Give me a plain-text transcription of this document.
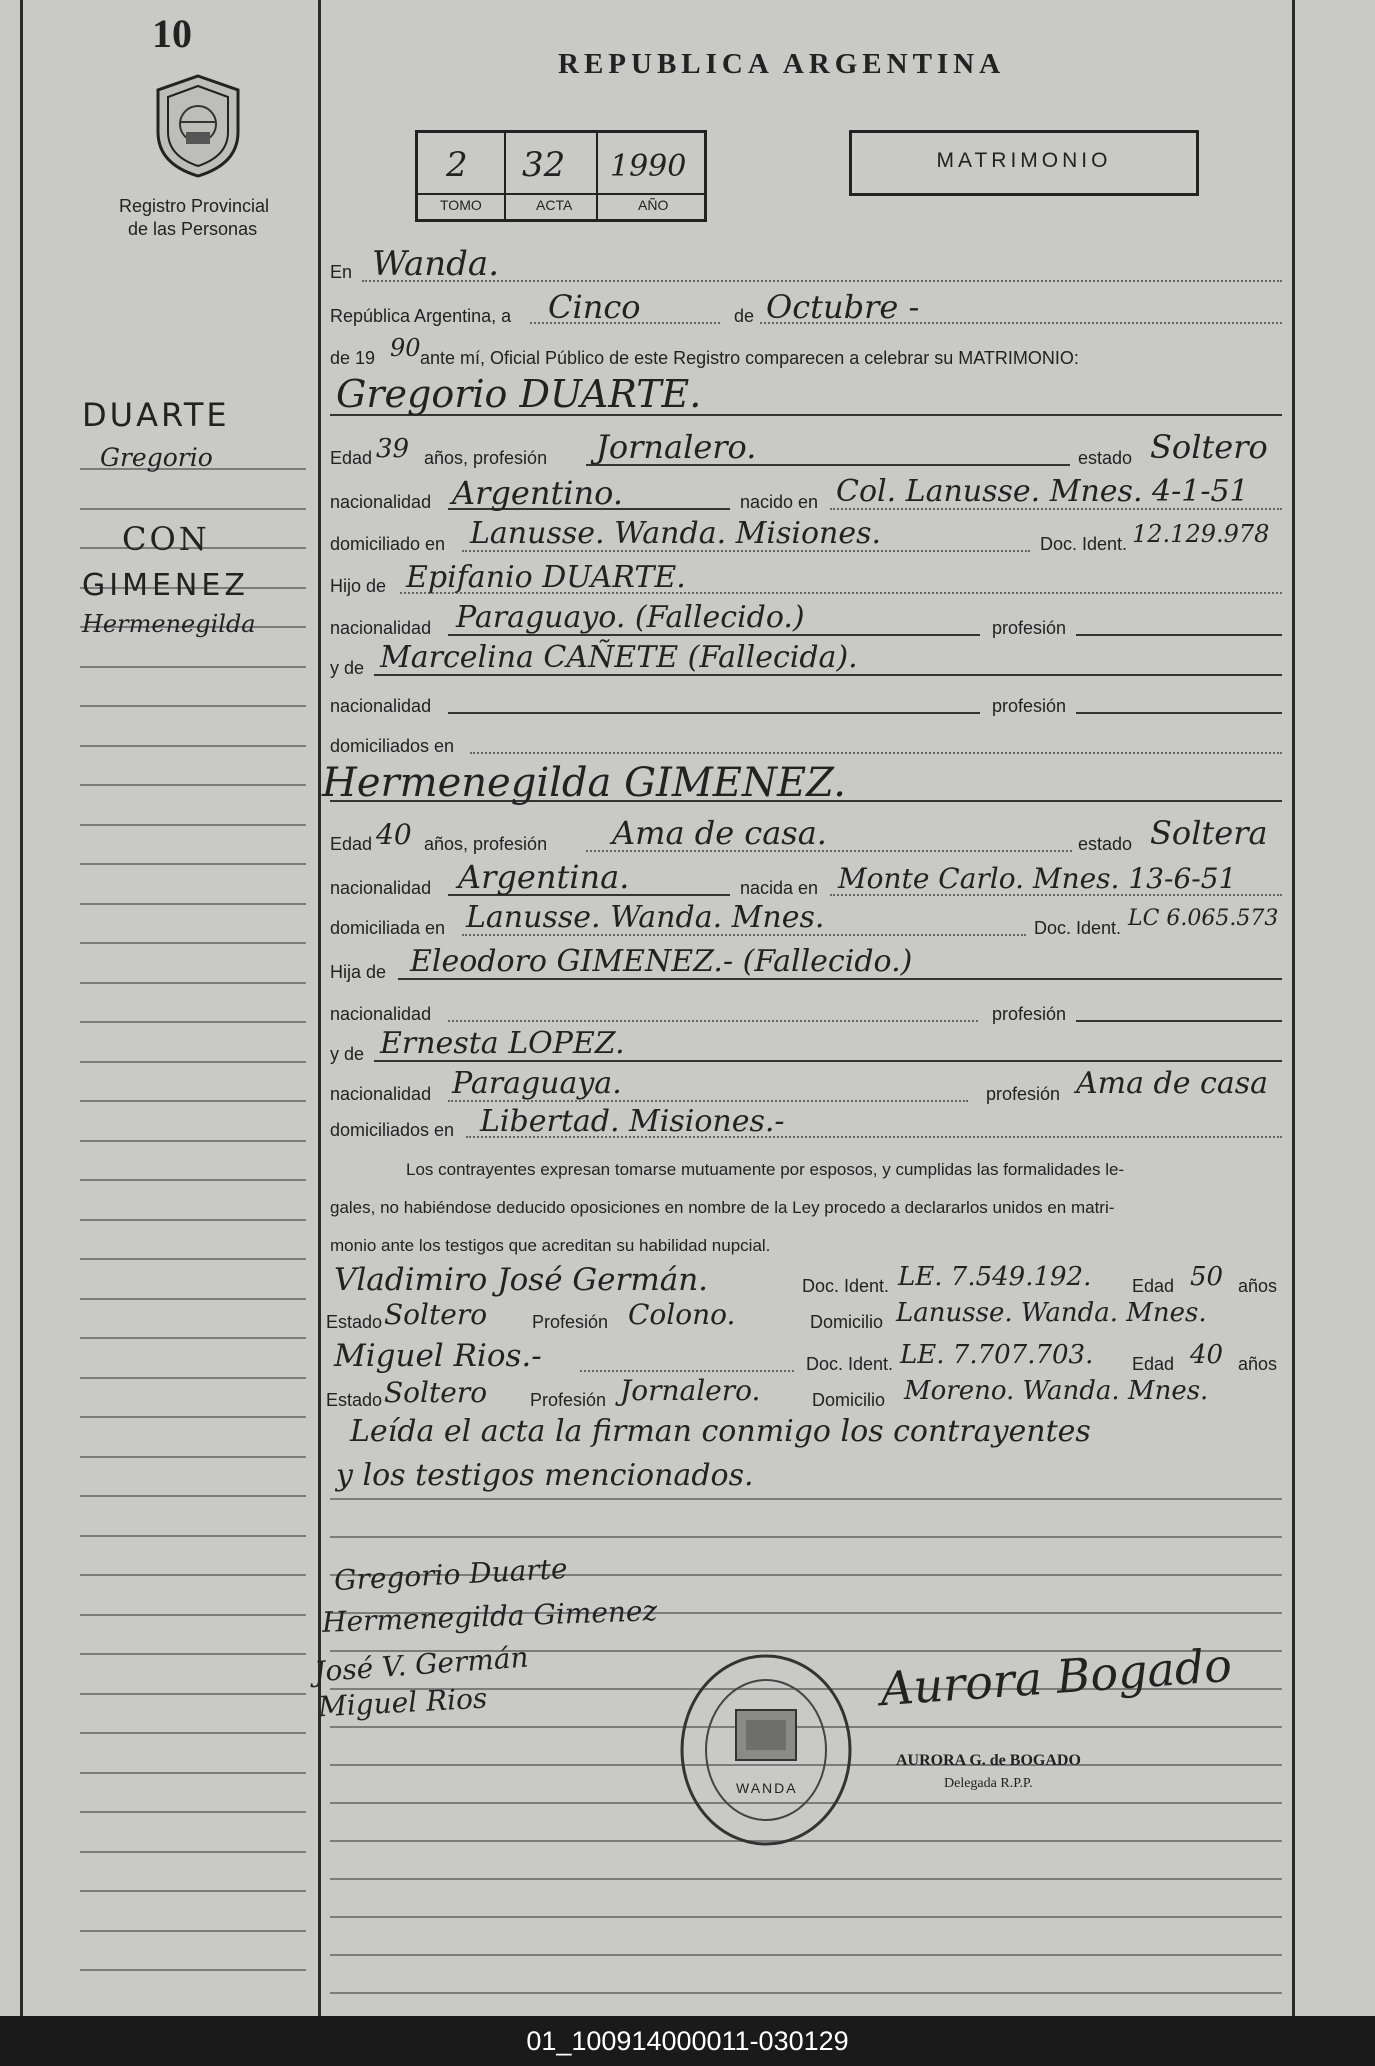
10
Registro Provincial
de las Personas
REPUBLICA ARGENTINA
2 32 1990
TOMO	ACTA	AÑO
MATRIMONIO
DUARTE
Gregorio
CON
GIMENEZ
Hermenegilda
En Wanda.
República Argentina, a Cinco	de Octubre -
de 19 90 ante mí, Oficial Público de este Registro comparecen a celebrar su MATRIMONIO:
Gregorio DUARTE.
Edad 39 años, profesión Jornalero.	estado Soltero
nacionalidad Argentino.	nacido en Col. Lanusse. Mnes. 4-1-51
domiciliado en Lanusse. Wanda. Misiones.	Doc. Ident. 12.129.978
Hijo de Epifanio DUARTE.
nacionalidad Paraguayo. (Fallecido.)	profesión
y de Marcelina CAÑETE (Fallecida).
nacionalidad	profesión
domiciliados en
Hermenegilda GIMENEZ.
Edad 40 años, profesión Ama de casa.	estado Soltera
nacionalidad Argentina.	nacida en Monte Carlo. Mnes. 13-6-51
domiciliada en Lanusse. Wanda. Mnes.	Doc. Ident. LC 6.065.573
Hija de Eleodoro GIMENEZ.- (Fallecido.)
nacionalidad	profesión
y de Ernesta LOPEZ.
nacionalidad Paraguaya.	profesión Ama de casa
domiciliados en Libertad. Misiones.-
Los contrayentes expresan tomarse mutuamente por esposos, y cumplidas las formalidades le-
gales, no habiéndose deducido oposiciones en nombre de la Ley procedo a declararlos unidos en matri-
monio ante los testigos que acreditan su habilidad nupcial.
Vladimiro José Germán.	Doc. Ident. LE. 7.549.192. Edad 50 años
Estado Soltero Profesión Colono.	Domicilio Lanusse. Wanda. Mnes.
Miguel Rios.-	Doc. Ident. LE. 7.707.703. Edad 40 años
Estado Soltero Profesión Jornalero.	Domicilio Moreno. Wanda. Mnes.
Leída el acta la firman conmigo los contrayentes
y los testigos mencionados.
Gregorio Duarte
Hermenegilda Gimenez
José V. Germán
Miguel Rios
WANDA
Aurora Bogado
AURORA G. de BOGADO
Delegada R.P.P.
01_100914000011-030129
